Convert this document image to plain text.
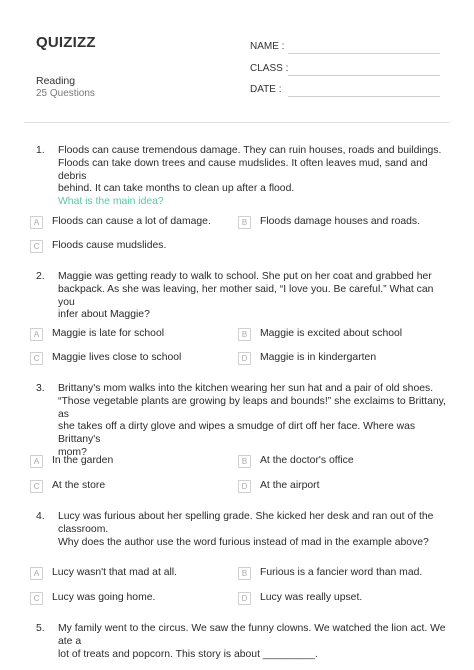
QUIZIZZ
Reading
25 Questions
NAME :
CLASS :
DATE :
1. Floods can cause tremendous damage. They can ruin houses, roads and buildings.
Floods can take down trees and cause mudslides. It often leaves mud, sand and debris
behind. It can take months to clean up after a flood.
What is the main idea?
A	Floods can cause a lot of damage.	B	Floods damage houses and roads.
C	Floods cause mudslides.
2. Maggie was getting ready to walk to school. She put on her coat and grabbed her
backpack. As she was leaving, her mother said, “I love you. Be careful.” What can you
infer about Maggie?
A	Maggie is late for school	B	Maggie is excited about school
C	Maggie lives close to school	D	Maggie is in kindergarten
3. Brittany's mom walks into the kitchen wearing her sun hat and a pair of old shoes.
“Those vegetable plants are growing by leaps and bounds!” she exclaims to Brittany, as
she takes off a dirty glove and wipes a smudge of dirt off her face. Where was Brittany's
mom?
A	In the garden	B	At the doctor's office
C	At the store	D	At the airport
4. Lucy was furious about her spelling grade. She kicked her desk and ran out of the
classroom.
Why does the author use the word furious instead of mad in the example above?
A	Lucy wasn't that mad at all.	B	Furious is a fancier word than mad.
C	Lucy was going home.	D	Lucy was really upset.
5. My family went to the circus. We saw the funny clowns. We watched the lion act. We ate a
lot of treats and popcorn. This story is about _________.
